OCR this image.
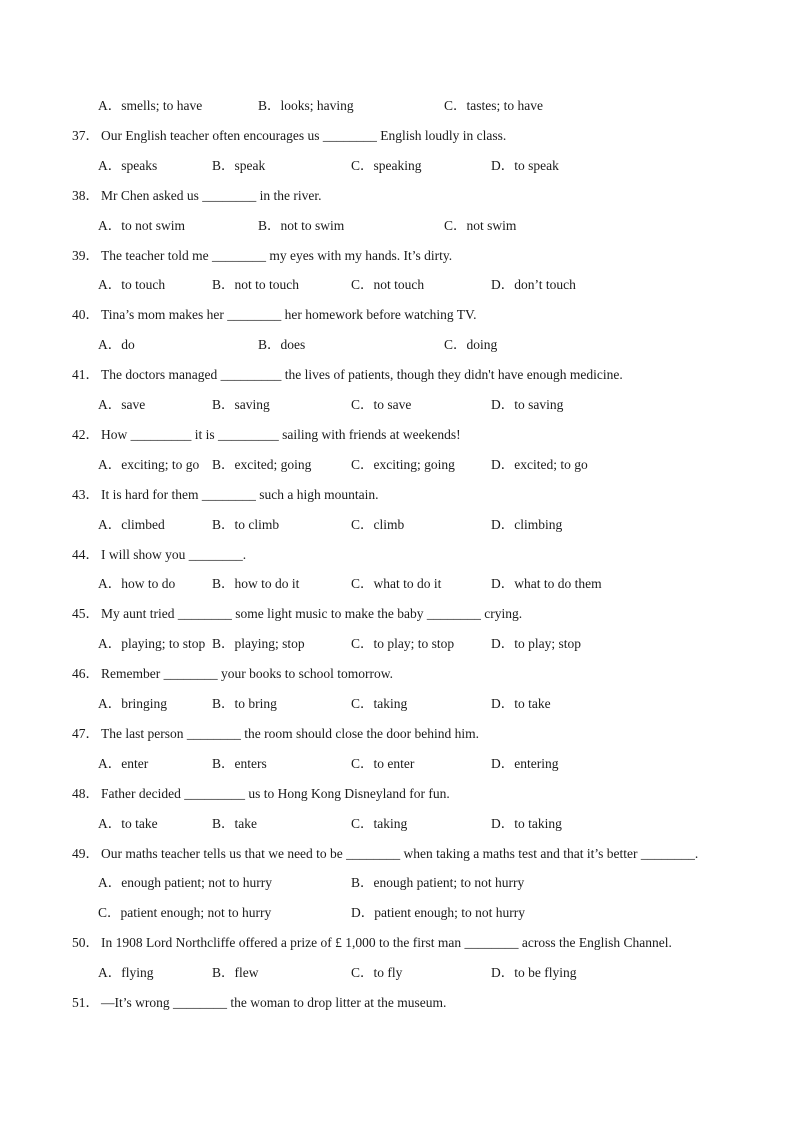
A．smells; to have	B．looks; having	C．tastes; to have
37． Our English teacher often encourages us ________ English loudly in class.
A．speaks	B．speak	C．speaking	D．to speak
38． Mr Chen asked us ________ in the river.
A．to not swim	B．not to swim	C．not swim
39． The teacher told me ________ my eyes with my hands. It’s dirty.
A．to touch	B．not to touch	C．not touch	D．don’t touch
40． Tina’s mom makes her ________ her homework before watching TV.
A．do	B．does	C．doing
41． The doctors managed _________ the lives of patients, though they didn't have enough medicine.
A．save	B．saving	C．to save	D．to saving
42． How _________ it is _________ sailing with friends at weekends!
A．exciting; to go B．excited; going	C．exciting; going	D．excited; to go
43． It is hard for them ________ such a high mountain.
A．climbed	B．to climb	C．climb	D．climbing
44． I will show you ________.
A．how to do	B．how to do it	C．what to do it	D．what to do them
45． My aunt tried ________ some light music to make the baby ________ crying.
A．playing; to stop B．playing; stop	C．to play; to stop	D．to play; stop
46． Remember ________ your books to school tomorrow.
A．bringing	B．to bring	C．taking	D．to take
47． The last person ________ the room should close the door behind him.
A．enter	B．enters	C．to enter	D．entering
48． Father decided _________ us to Hong Kong Disneyland for fun.
A．to take	B．take	C．taking	D．to taking
49． Our maths teacher tells us that we need to be ________ when taking a maths test and that it’s better ________.
A．enough patient; not to hurry	B．enough patient; to not hurry
C．patient enough; not to hurry	D．patient enough; to not hurry
50． In 1908 Lord Northcliffe offered a prize of £ 1,000 to the first man ________ across the English Channel.
A．flying	B．flew	C．to fly	D．to be flying
51． —It’s wrong ________ the woman to drop litter at the museum.
